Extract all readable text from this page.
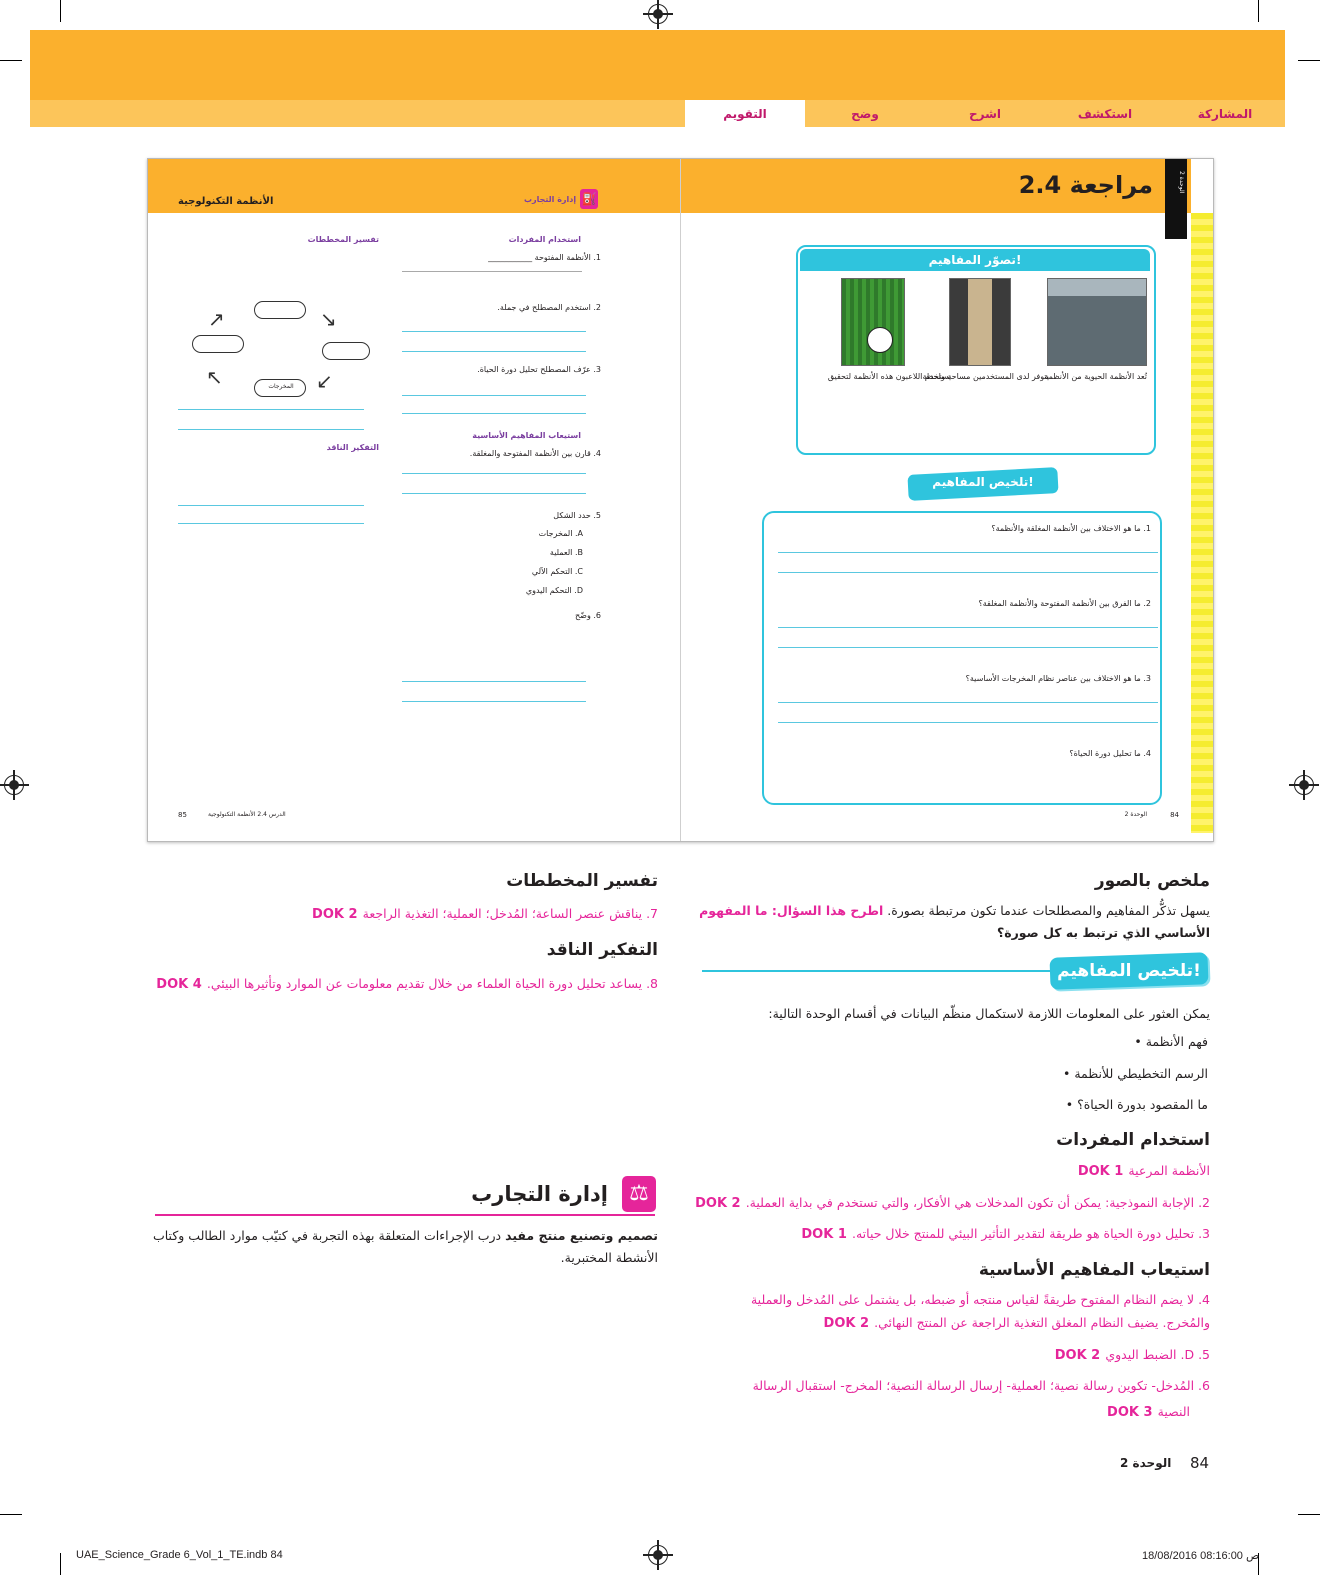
المشاركة
استكشف
اشرح
وضح
التقويم
مراجعة 2.4	الوحدة 2
⛽
إدارة التجارب
الأنظمة التكنولوجية
تصوّر المفاهيم!
تُعد الأنظمة الحيوية من الأنظمة
يتوفر لدى المستخدمين مساحة ولحظة
يستخدم اللاعبون هذه الأنظمة لتحقيق
تلخيص المفاهيم!
1. ما هو الاختلاف بين الأنظمة المغلقة والأنظمة؟
2. ما الفرق بين الأنظمة المفتوحة والأنظمة المغلقة؟
3. ما هو الاختلاف بين عناصر نظام المخرجات الأساسية؟
4. ما تحليل دورة الحياة؟
استخدام المفردات
1. الأنظمة المفتوحة ___________
2. استخدم المصطلح في جملة.
3. عرّف المصطلح تحليل دورة الحياة.
استيعاب المفاهيم الأساسية
4. قارن بين الأنظمة المفتوحة والمغلقة.
5. حدد الشكل
A. المخرجات
B. العملية
C. التحكم الآلي
D. التحكم اليدوي
6. وضّح
تفسير المخططات
المخرجات
↗	↘
↙
↖
التفكير الناقد
85	الدرس 2.4 الأنظمة التكنولوجية	84
الوحدة 2
ملخص بالصور
يسهل تذكُّر المفاهيم والمصطلحات عندما تكون مرتبطة بصورة. اطرح هذا السؤال: ما المفهوم
الأساسي الذي ترتبط به كل صورة؟
تلخيص المفاهيم!
يمكن العثور على المعلومات اللازمة لاستكمال منظّم البيانات في أقسام الوحدة التالية:
فهم الأنظمة •
الرسم التخطيطي للأنظمة •
ما المقصود بدورة الحياة؟ •
استخدام المفردات
الأنظمة المرعية DOK 1
2. الإجابة النموذجية: يمكن أن تكون المدخلات هي الأفكار، والتي تستخدم في بداية العملية. DOK 2
3. تحليل دورة الحياة هو طريقة لتقدير التأثير البيئي للمنتج خلال حياته. DOK 1
استيعاب المفاهيم الأساسية
4. لا يضم النظام المفتوح طريقةً لقياس منتجه أو ضبطه، بل يشتمل على المُدخل والعملية
والمُخرج. يضيف النظام المغلق التغذية الراجعة عن المنتج النهائي. DOK 2
5. D. الضبط اليدوي DOK 2
6. المُدخل- تكوين رسالة نصية؛ العملية- إرسال الرسالة النصية؛ المخرج- استقبال الرسالة
النصية DOK 3
84
الوحدة 2
تفسير المخططات
7. يناقش عنصر الساعة؛ المُدخل؛ العملية؛ التغذية الراجعة DOK 2
التفكير الناقد
8. يساعد تحليل دورة الحياة العلماء من خلال تقديم معلومات عن الموارد وتأثيرها البيئي. DOK 4
⚖
إدارة التجارب
تصميم وتصنيع منتج مفيد درب الإجراءات المتعلقة بهذه التجربة في كتيّب موارد الطالب وكتاب
الأنشطة المختبرية.
UAE_Science_Grade 6_Vol_1_TE.indb 84	18/08/2016 08:16:00 ‏ص
